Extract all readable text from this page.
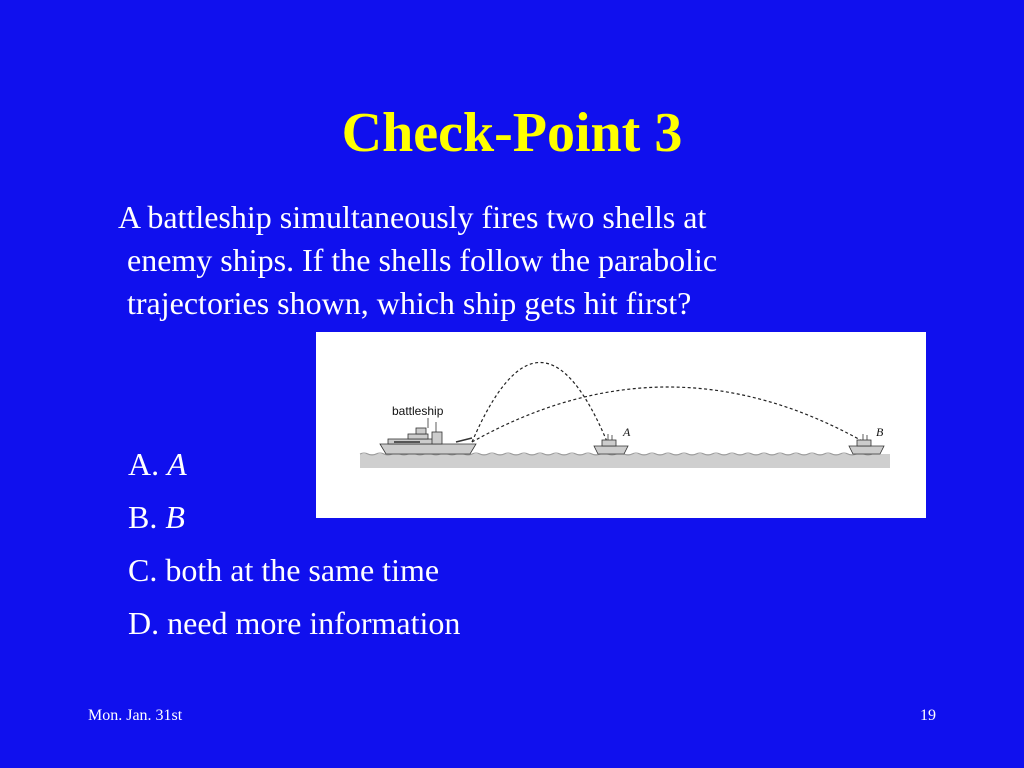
Check-Point 3
A battleship simultaneously fires two shells at
enemy ships. If the shells follow the parabolic
trajectories shown, which ship gets hit first?
battleship
A	B
A. A
B. B
C. both at the same time
D. need more information
Mon. Jan. 31st	19
